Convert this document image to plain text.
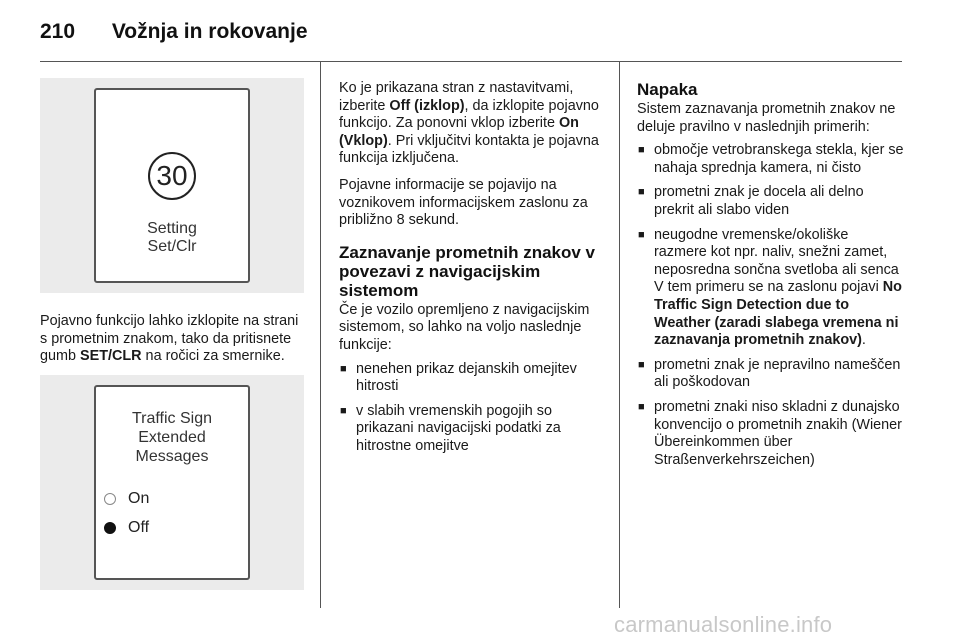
210 Vožnja in rokovanje
30
Setting
Set/Clr

Pojavno funkcijo lahko izklopite na strani s prometnim znakom, tako da pritisnete gumb SET/CLR na ročici za smernike.

Traffic Sign
Extended
Messages
On
Off

Ko je prikazana stran z nastavitvami, izberite Off (izklop), da izklopite pojavno funkcijo. Za ponovni vklop izberite On (Vklop). Pri vključitvi kontakta je pojavna funkcija izključena.

Pojavne informacije se pojavijo na voznikovem informacijskem zaslonu za približno 8 sekund.

Zaznavanje prometnih znakov v povezavi z navigacijskim sistemom

Če je vozilo opremljeno z navigacijskim sistemom, so lahko na voljo naslednje funkcije:

■ nenehen prikaz dejanskih omejitev hitrosti
■ v slabih vremenskih pogojih so prikazani navigacijski podatki za hitrostne omejitve
Napaka

Sistem zaznavanja prometnih znakov ne deluje pravilno v naslednjih primerih:

■ območje vetrobranskega stekla, kjer se nahaja sprednja kamera, ni čisto
■ prometni znak je docela ali delno prekrit ali slabo viden
■ neugodne vremenske/okoliške razmere kot npr. naliv, snežni zamet, neposredna sončna svetloba ali senca V tem primeru se na zaslonu pojavi No Traffic Sign Detection due to Weather (zaradi slabega vremena ni zaznavanja prometnih znakov).
■ prometni znak je nepravilno nameščen ali poškodovan
■ prometni znaki niso skladni z dunajsko konvencijo o prometnih znakih (Wiener Übereinkommen über Straßenverkehrszeichen)
carmanualsonline.info
